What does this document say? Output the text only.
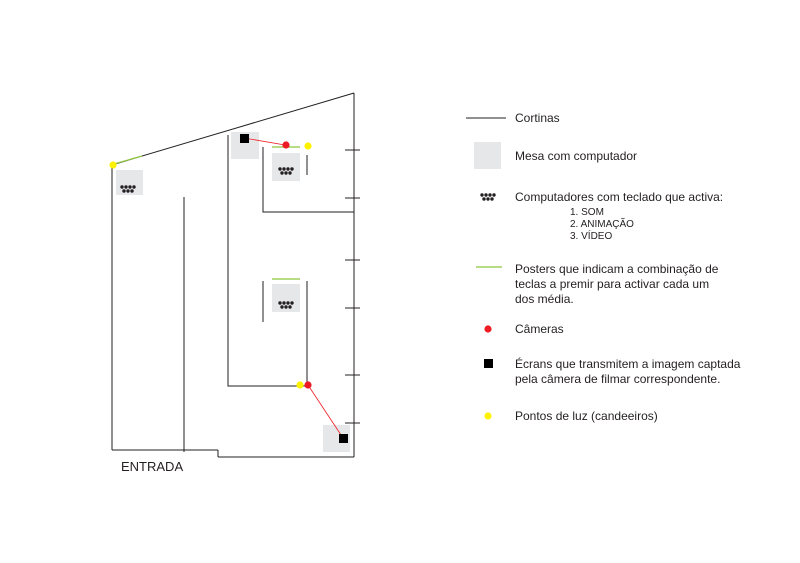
ENTRADA
Cortinas
Mesa com computador
Computadores com teclado que activa:
1. SOM
2. ANIMAÇÃO
3. VÍDEO
Posters que indicam a combinação de
teclas a premir para activar cada um
dos média.
Câmeras
Écrans que transmitem a imagem captada
pela câmera de filmar correspondente.
Pontos de luz (candeeiros)
